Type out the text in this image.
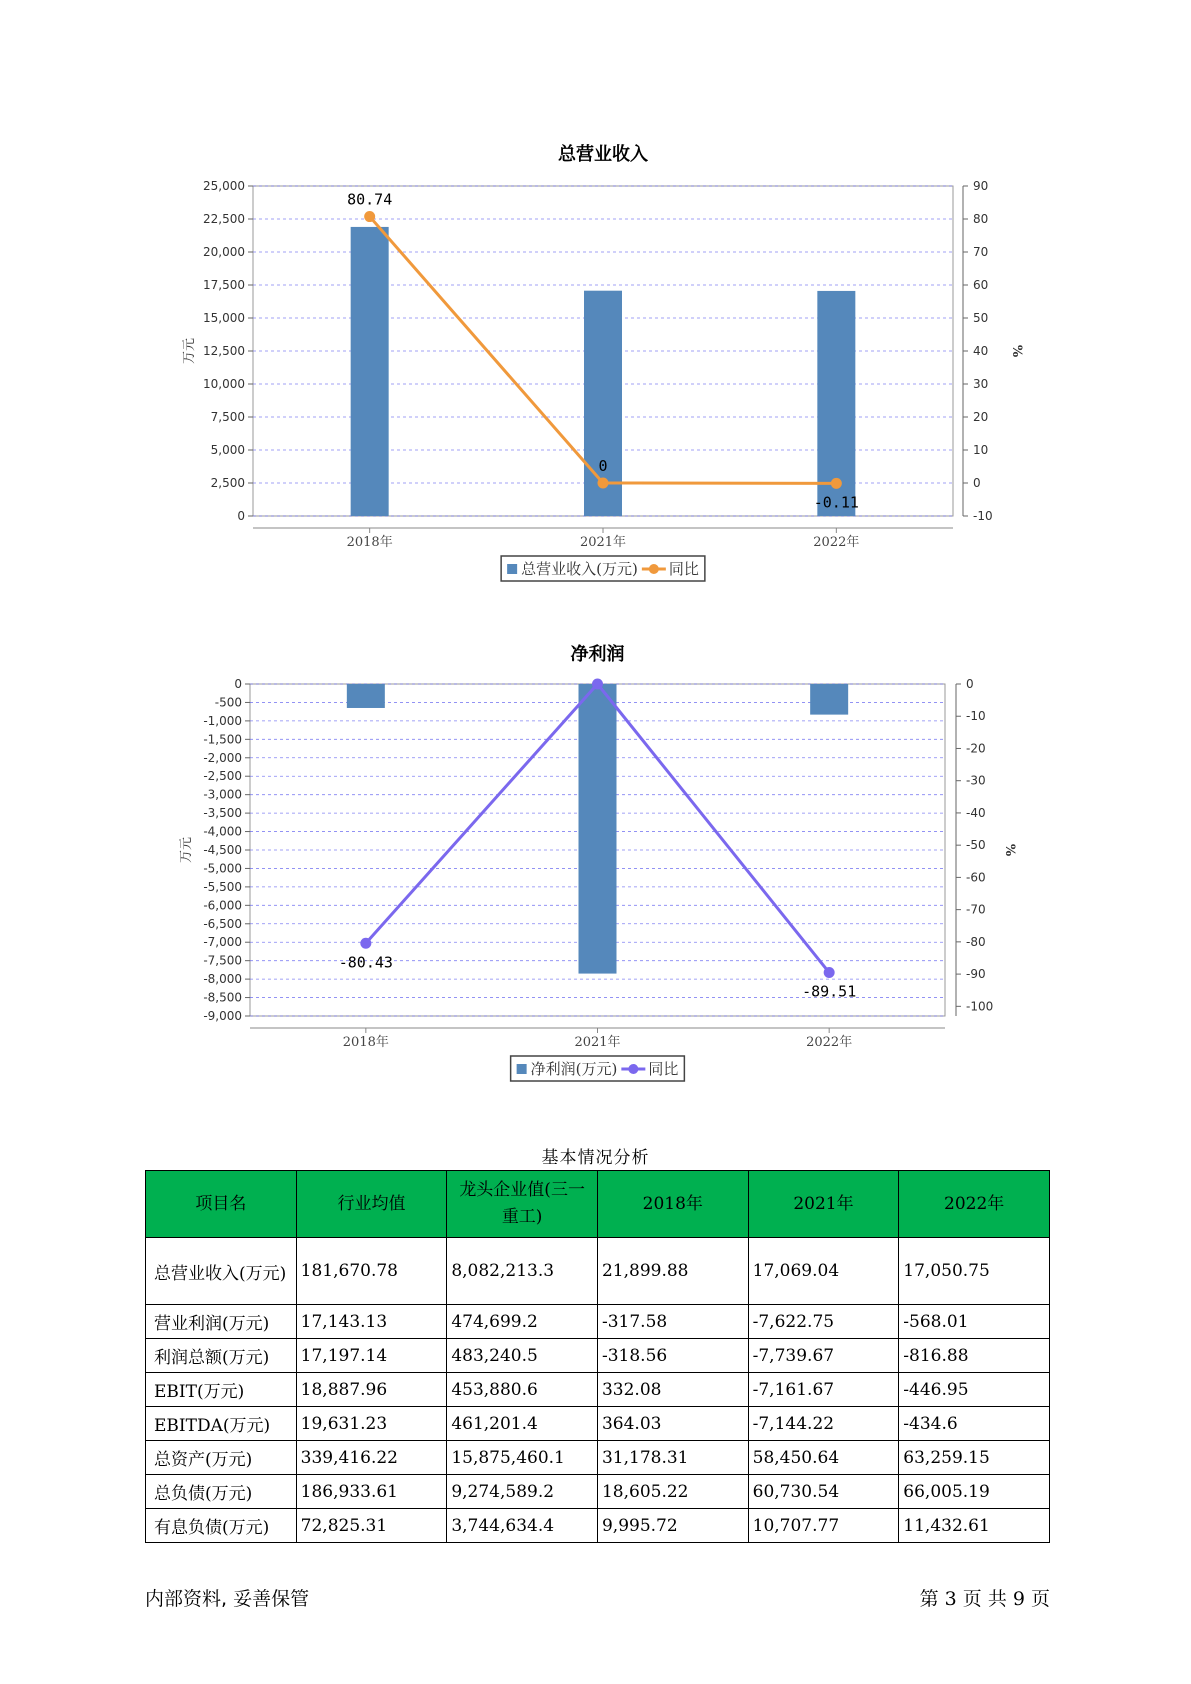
总营业收入
0
2,500
5,000
7,500
10,000
12,500
15,000
17,500
20,000
22,500
25,000
万元
-10
0
10
20
30
40
50
60
70
80
90
%
2018年	2021年	2022年
80.74
0
-0.11
总营业收入(万元) 同比
净利润
-9,000
-8,500
-8,000
-7,500
-7,000
-6,500
-6,000
-5,500
-5,000
-4,500
-4,000
-3,500
-3,000
-2,500
-2,000
-1,500
-1,000
-500
0
万元
-100
-90
-80
-70
-60
-50
-40
-30
-20
-10
0
%
2018年	2021年	2022年
-80.43
-89.51
净利润(万元) 同比
基本情况分析
项目名	行业均值	龙头企业值(三一重工)	2018年	2021年	2022年
总营业收入(万元)	181,670.78	8,082,213.3	21,899.88	17,069.04	17,050.75
营业利润(万元)	17,143.13	474,699.2	-317.58	-7,622.75	-568.01
利润总额(万元)	17,197.14	483,240.5	-318.56	-7,739.67	-816.88
EBIT(万元)	18,887.96	453,880.6	332.08	-7,161.67	-446.95
EBITDA(万元)	19,631.23	461,201.4	364.03	-7,144.22	-434.6
总资产(万元)	339,416.22	15,875,460.1	31,178.31	58,450.64	63,259.15
总负债(万元)	186,933.61	9,274,589.2	18,605.22	60,730.54	66,005.19
有息负债(万元)	72,825.31	3,744,634.4	9,995.72	10,707.77	11,432.61
内部资料, 妥善保管	第 3 页 共 9 页
